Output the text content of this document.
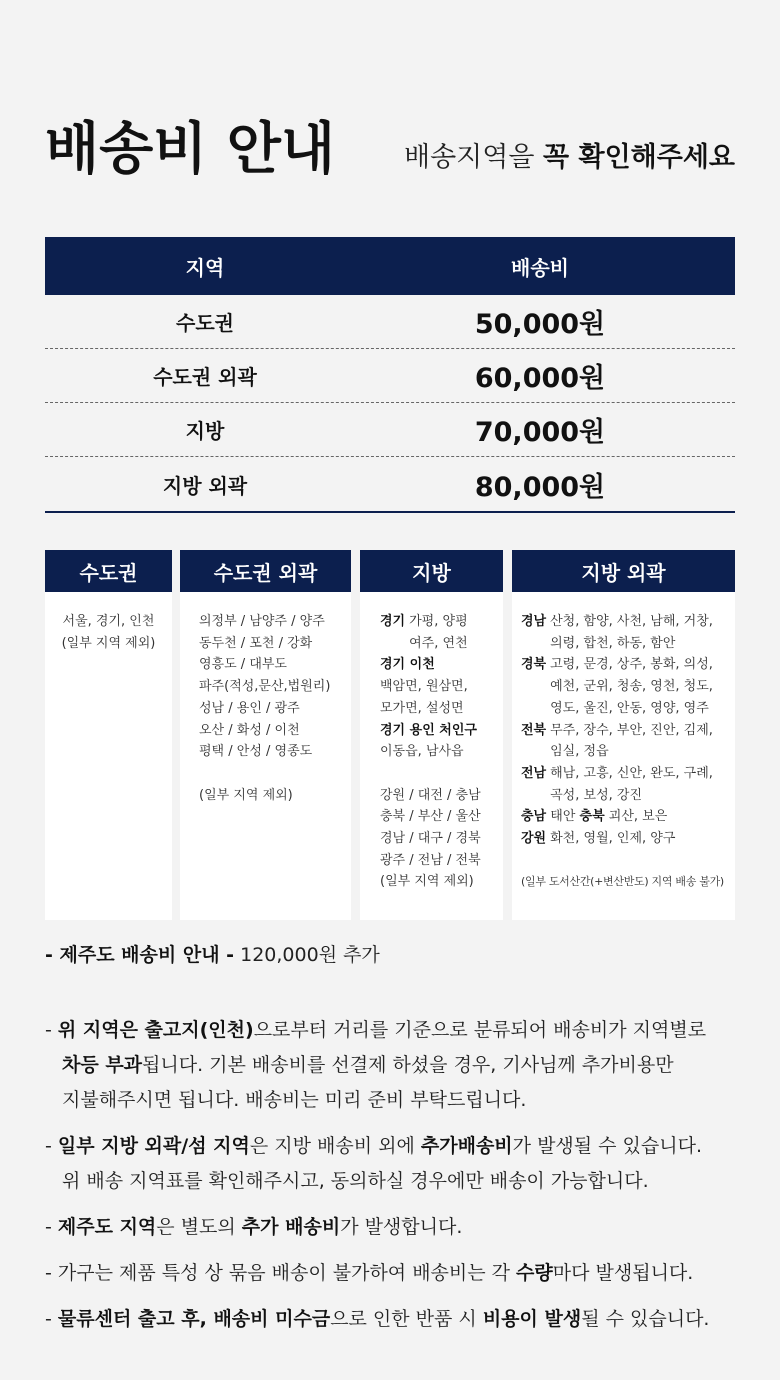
배송비 안내	배송지역을 꼭 확인해주세요
지역	배송비
수도권	50,000원
수도권 외곽	60,000원
지방	70,000원
지방 외곽	80,000원
수도권
서울, 경기, 인천
(일부 지역 제외)
수도권 외곽
의정부 / 남양주 / 양주
동두천 / 포천 / 강화
영흥도 / 대부도
파주(적성,문산,법원리)
성남 / 용인 / 광주
오산 / 화성 / 이천
평택 / 안성 / 영종도
(일부 지역 제외)
지방
경기 가평, 양평
여주, 연천
경기 이천
백암면, 원삼면,
모가면, 설성면
경기 용인 처인구
이동읍, 남사읍
강원 / 대전 / 충남
충북 / 부산 / 울산
경남 / 대구 / 경북
광주 / 전남 / 전북
(일부 지역 제외)
지방 외곽
경남 산청, 함양, 사천, 남해, 거창,
의령, 합천, 하동, 함안
경북 고령, 문경, 상주, 봉화, 의성,
예천, 군위, 청송, 영천, 청도,
영도, 울진, 안동, 영양, 영주
전북 무주, 장수, 부안, 진안, 김제,
임실, 정읍
전남 해남, 고흥, 신안, 완도, 구례,
곡성, 보성, 강진
충남 태안 충북 괴산, 보은
강원 화천, 영월, 인제, 양구
(일부 도서산간(+변산반도) 지역 배송 불가)
- 제주도 배송비 안내 - 120,000원 추가
- 위 지역은 출고지(인천)으로부터 거리를 기준으로 분류되어 배송비가 지역별로
차등 부과됩니다. 기본 배송비를 선결제 하셨을 경우, 기사님께 추가비용만
지불해주시면 됩니다. 배송비는 미리 준비 부탁드립니다.
- 일부 지방 외곽/섬 지역은 지방 배송비 외에 추가배송비가 발생될 수 있습니다.
위 배송 지역표를 확인해주시고, 동의하실 경우에만 배송이 가능합니다.
- 제주도 지역은 별도의 추가 배송비가 발생합니다.
- 가구는 제품 특성 상 묶음 배송이 불가하여 배송비는 각 수량마다 발생됩니다.
- 물류센터 출고 후, 배송비 미수금으로 인한 반품 시 비용이 발생될 수 있습니다.
